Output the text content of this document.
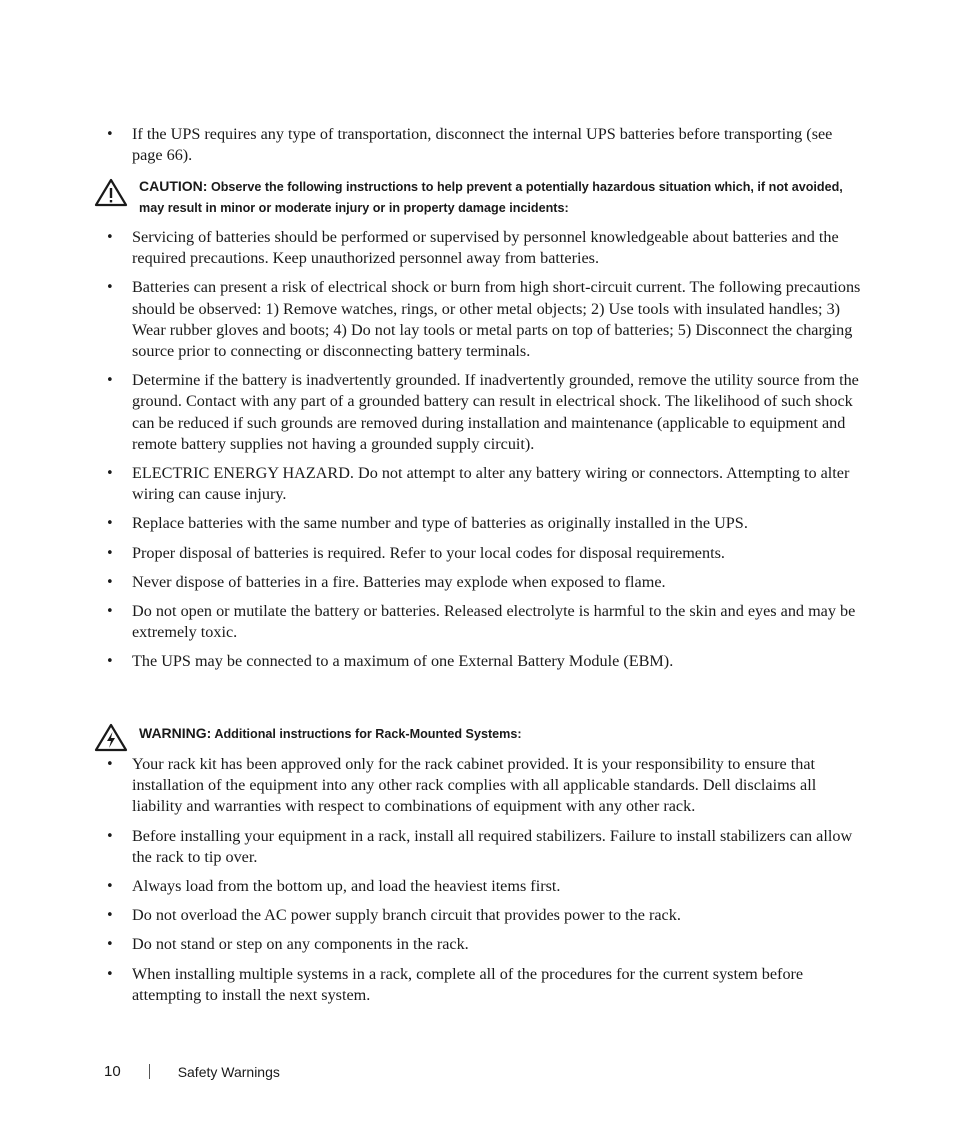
• If the UPS requires any type of transportation, disconnect the internal UPS batteries before transporting (see page 66).
CAUTION: Observe the following instructions to help prevent a potentially hazardous situation which, if not avoided, may result in minor or moderate injury or in property damage incidents:
• Servicing of batteries should be performed or supervised by personnel knowledgeable about batteries and the required precautions. Keep unauthorized personnel away from batteries.
• Batteries can present a risk of electrical shock or burn from high short-circuit current. The following precautions should be observed: 1) Remove watches, rings, or other metal objects; 2) Use tools with insulated handles; 3) Wear rubber gloves and boots; 4) Do not lay tools or metal parts on top of batteries; 5) Disconnect the charging source prior to connecting or disconnecting battery terminals.
• Determine if the battery is inadvertently grounded. If inadvertently grounded, remove the utility source from the ground. Contact with any part of a grounded battery can result in electrical shock. The likelihood of such shock can be reduced if such grounds are removed during installation and maintenance (applicable to equipment and remote battery supplies not having a grounded supply circuit).
• ELECTRIC ENERGY HAZARD. Do not attempt to alter any battery wiring or connectors. Attempting to alter wiring can cause injury.
• Replace batteries with the same number and type of batteries as originally installed in the UPS.
• Proper disposal of batteries is required. Refer to your local codes for disposal requirements.
• Never dispose of batteries in a fire. Batteries may explode when exposed to flame.
• Do not open or mutilate the battery or batteries. Released electrolyte is harmful to the skin and eyes and may be extremely toxic.
• The UPS may be connected to a maximum of one External Battery Module (EBM).
WARNING: Additional instructions for Rack-Mounted Systems:
• Your rack kit has been approved only for the rack cabinet provided. It is your responsibility to ensure that installation of the equipment into any other rack complies with all applicable standards. Dell disclaims all liability and warranties with respect to combinations of equipment with any other rack.
• Before installing your equipment in a rack, install all required stabilizers. Failure to install stabilizers can allow the rack to tip over.
• Always load from the bottom up, and load the heaviest items first.
• Do not overload the AC power supply branch circuit that provides power to the rack.
• Do not stand or step on any components in the rack.
• When installing multiple systems in a rack, complete all of the procedures for the current system before attempting to install the next system.
10	Safety Warnings
